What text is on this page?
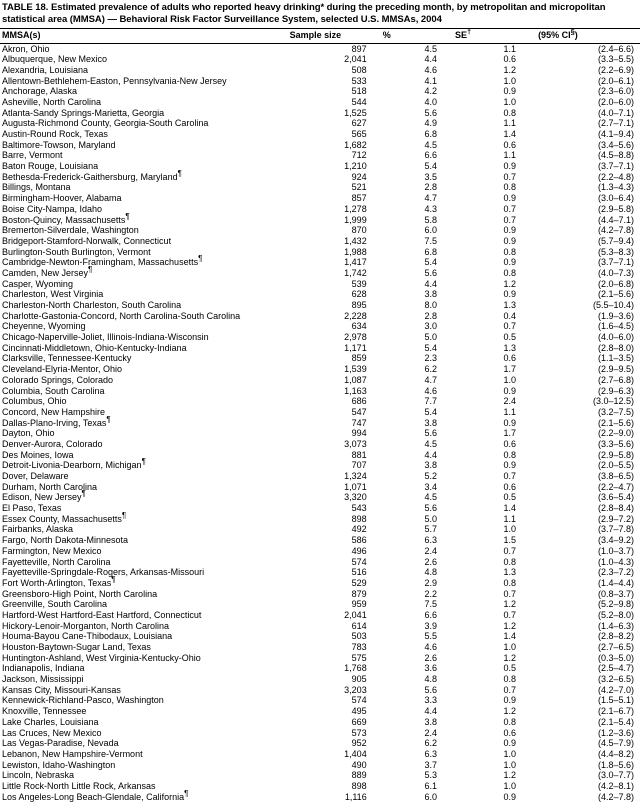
TABLE 18. Estimated prevalence of adults who reported heavy drinking* during the preceding month, by metropolitan and micropolitan statistical area (MMSA) — Behavioral Risk Factor Surveillance System, selected U.S. MMSAs, 2004
MMSA(s)	Sample size	%	SE†	(95% CI§)
Akron, Ohio	897	4.5	1.1	(2.4–6.6)
Albuquerque, New Mexico	2,041	4.4	0.6	(3.3–5.5)
Alexandria, Louisiana	508	4.6	1.2	(2.2–6.9)
Allentown-Bethlehem-Easton, Pennsylvania-New Jersey	533	4.1	1.0	(2.0–6.1)
Anchorage, Alaska	518	4.2	0.9	(2.3–6.0)
Asheville, North Carolina	544	4.0	1.0	(2.0–6.0)
Atlanta-Sandy Springs-Marietta, Georgia	1,525	5.6	0.8	(4.0–7.1)
Augusta-Richmond County, Georgia-South Carolina	627	4.9	1.1	(2.7–7.1)
Austin-Round Rock, Texas	565	6.8	1.4	(4.1–9.4)
Baltimore-Towson, Maryland	1,682	4.5	0.6	(3.4–5.6)
Barre, Vermont	712	6.6	1.1	(4.5–8.8)
Baton Rouge, Louisiana	1,210	5.4	0.9	(3.7–7.1)
Bethesda-Frederick-Gaithersburg, Maryland¶	924	3.5	0.7	(2.2–4.8)
Billings, Montana	521	2.8	0.8	(1.3–4.3)
Birmingham-Hoover, Alabama	857	4.7	0.9	(3.0–6.4)
Boise City-Nampa, Idaho	1,278	4.3	0.7	(2.9–5.8)
Boston-Quincy, Massachusetts¶	1,999	5.8	0.7	(4.4–7.1)
Bremerton-Silverdale, Washington	870	6.0	0.9	(4.2–7.8)
Bridgeport-Stamford-Norwalk, Connecticut	1,432	7.5	0.9	(5.7–9.4)
Burlington-South Burlington, Vermont	1,988	6.8	0.8	(5.3–8.3)
Cambridge-Newton-Framingham, Massachusetts¶	1,417	5.4	0.9	(3.7–7.1)
Camden, New Jersey¶	1,742	5.6	0.8	(4.0–7.3)
Casper, Wyoming	539	4.4	1.2	(2.0–6.8)
Charleston, West Virginia	628	3.8	0.9	(2.1–5.6)
Charleston-North Charleston, South Carolina	895	8.0	1.3	(5.5–10.4)
Charlotte-Gastonia-Concord, North Carolina-South Carolina	2,228	2.8	0.4	(1.9–3.6)
Cheyenne, Wyoming	634	3.0	0.7	(1.6–4.5)
Chicago-Naperville-Joliet, Illinois-Indiana-Wisconsin	2,978	5.0	0.5	(4.0–6.0)
Cincinnati-Middletown, Ohio-Kentucky-Indiana	1,171	5.4	1.3	(2.8–8.0)
Clarksville, Tennessee-Kentucky	859	2.3	0.6	(1.1–3.5)
Cleveland-Elyria-Mentor, Ohio	1,539	6.2	1.7	(2.9–9.5)
Colorado Springs, Colorado	1,087	4.7	1.0	(2.7–6.8)
Columbia, South Carolina	1,163	4.6	0.9	(2.9–6.3)
Columbus, Ohio	686	7.7	2.4	(3.0–12.5)
Concord, New Hampshire	547	5.4	1.1	(3.2–7.5)
Dallas-Plano-Irving, Texas¶	747	3.8	0.9	(2.1–5.6)
Dayton, Ohio	994	5.6	1.7	(2.2–9.0)
Denver-Aurora, Colorado	3,073	4.5	0.6	(3.3–5.6)
Des Moines, Iowa	881	4.4	0.8	(2.9–5.8)
Detroit-Livonia-Dearborn, Michigan¶	707	3.8	0.9	(2.0–5.5)
Dover, Delaware	1,324	5.2	0.7	(3.8–6.5)
Durham, North Carolina	1,071	3.4	0.6	(2.2–4.7)
Edison, New Jersey¶	3,320	4.5	0.5	(3.6–5.4)
El Paso, Texas	543	5.6	1.4	(2.8–8.4)
Essex County, Massachusetts¶	898	5.0	1.1	(2.9–7.2)
Fairbanks, Alaska	492	5.7	1.0	(3.7–7.8)
Fargo, North Dakota-Minnesota	586	6.3	1.5	(3.4–9.2)
Farmington, New Mexico	496	2.4	0.7	(1.0–3.7)
Fayetteville, North Carolina	574	2.6	0.8	(1.0–4.3)
Fayetteville-Springdale-Rogers, Arkansas-Missouri	516	4.8	1.3	(2.3–7.2)
Fort Worth-Arlington, Texas¶	529	2.9	0.8	(1.4–4.4)
Greensboro-High Point, North Carolina	879	2.2	0.7	(0.8–3.7)
Greenville, South Carolina	959	7.5	1.2	(5.2–9.8)
Hartford-West Hartford-East Hartford, Connecticut	2,041	6.6	0.7	(5.2–8.0)
Hickory-Lenoir-Morganton, North Carolina	614	3.9	1.2	(1.4–6.3)
Houma-Bayou Cane-Thibodaux, Louisiana	503	5.5	1.4	(2.8–8.2)
Houston-Baytown-Sugar Land, Texas	783	4.6	1.0	(2.7–6.5)
Huntington-Ashland, West Virginia-Kentucky-Ohio	575	2.6	1.2	(0.3–5.0)
Indianapolis, Indiana	1,768	3.6	0.5	(2.5–4.7)
Jackson, Mississippi	905	4.8	0.8	(3.2–6.5)
Kansas City, Missouri-Kansas	3,203	5.6	0.7	(4.2–7.0)
Kennewick-Richland-Pasco, Washington	574	3.3	0.9	(1.5–5.1)
Knoxville, Tennessee	495	4.4	1.2	(2.1–6.7)
Lake Charles, Louisiana	669	3.8	0.8	(2.1–5.4)
Las Cruces, New Mexico	573	2.4	0.6	(1.2–3.6)
Las Vegas-Paradise, Nevada	952	6.2	0.9	(4.5–7.9)
Lebanon, New Hampshire-Vermont	1,404	6.3	1.0	(4.4–8.2)
Lewiston, Idaho-Washington	490	3.7	1.0	(1.8–5.6)
Lincoln, Nebraska	889	5.3	1.2	(3.0–7.7)
Little Rock-North Little Rock, Arkansas	898	6.1	1.0	(4.2–8.1)
Los Angeles-Long Beach-Glendale, California¶	1,116	6.0	0.9	(4.2–7.8)
